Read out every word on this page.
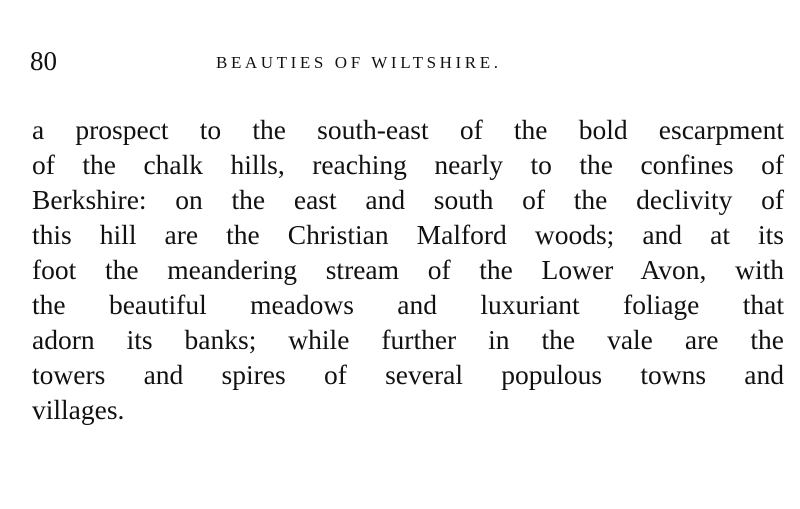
80	BEAUTIES OF WILTSHIRE.
a prospect to the south-east of the bold escarpment
of the chalk hills, reaching nearly to the confines of
Berkshire: on the east and south of the declivity of
this hill are the Christian Malford woods; and at its
foot the meandering stream of the Lower Avon, with
the beautiful meadows and luxuriant foliage that
adorn its banks; while further in the vale are the
towers and spires of several populous towns and
villages.
